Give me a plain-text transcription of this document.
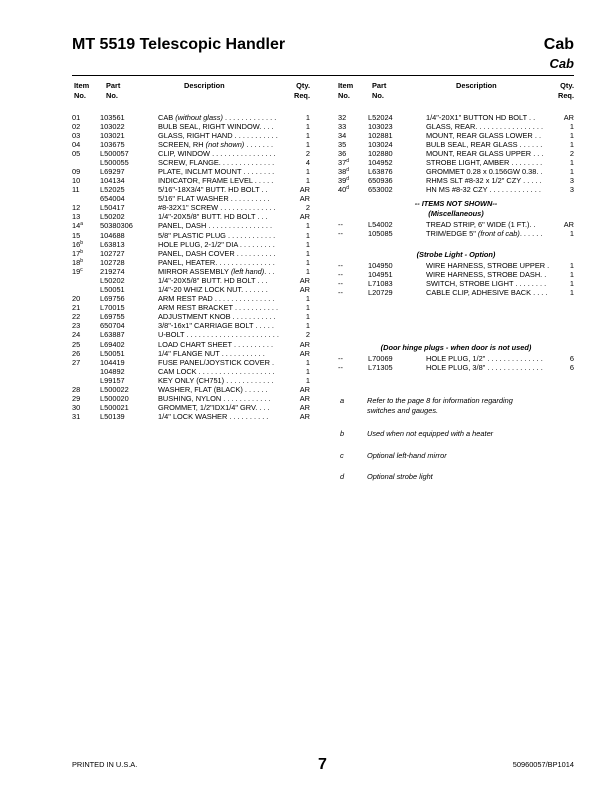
MT 5519 Telescopic Handler	Cab
Cab
Item
No.
Part
No.
Description	Qty.
Req.
Item
No.
Part
No.
Description	Qty.
Req.
01	103561	CAB (without glass) . . . . . . . . . . . . .	1
02	103022	BULB SEAL, RIGHT WINDOW. . . .	1
03	103021	GLASS, RIGHT HAND . . . . . . . . . . .	1
04	103675	SCREEN, RH (not shown) . . . . . . .	1
05	L500057	CLIP, WINDOW . . . . . . . . . . . . . . . .	2
L500055	SCREW, FLANGE. . . . . . . . . . . . . .	4
09	L69297	PLATE, INCLMT MOUNT . . . . . . . .	1
10	104134	INDICATOR, FRAME LEVEL . . . . .	1
11	L52025	5/16"-18X3/4" BUTT. HD BOLT . .	AR
654004	5/16" FLAT WASHER . . . . . . . . . .	AR
12	L50417	#8-32X1" SCREW . . . . . . . . . . . . . .	2
13	L50202	1/4"-20X5/8" BUTT. HD BOLT . . .	AR
14$^a$ 50380306	PANEL, DASH . . . . . . . . . . . . . . . .	1
15	104688	5/8" PLASTIC PLUG . . . . . . . . . . . .	1
16$^b$ L63813	HOLE PLUG, 2-1/2" DIA . . . . . . . . .	1
17$^b$ 102727	PANEL, DASH COVER . . . . . . . . . .	1
18$^b$ 102728	PANEL, HEATER. . . . . . . . . . . . . . .	1
19$^c$ 219274	MIRROR ASSEMBLY (left hand). . .	1
L50202	1/4"-20X5/8" BUTT. HD BOLT . . .	AR
L50051	1/4"-20 WHIZ LOCK NUT. . . . . . .	AR
20	L69756	ARM REST PAD . . . . . . . . . . . . . . .	1
21	L70015	ARM REST BRACKET . . . . . . . . . . .	1
22	L69755	ADJUSTMENT KNOB . . . . . . . . . . .	1
23	650704	3/8"-16x1" CARRIAGE BOLT . . . . .	1
24	L63887	U-BOLT . . . . . . . . . . . . . . . . . . . . . . .	2
25	L69402	LOAD CHART SHEET . . . . . . . . . .	AR
26	L50051	1/4" FLANGE NUT . . . . . . . . . . .	AR
27	104419	FUSE PANEL/JOYSTICK COVER .	1
104892	CAM LOCK . . . . . . . . . . . . . . . . . . .	1
L99157	KEY ONLY (CH751) . . . . . . . . . . . .	1
28	L500022	WASHER, FLAT (BLACK) . . . . . .	AR
29	L500020	BUSHING, NYLON . . . . . . . . . . . .	AR
30	L500021	GROMMET, 1/2"IDX1/4" GRV. . . .	AR
31	L50139	1/4" LOCK WASHER . . . . . . . . . .	AR
32	L52024	1/4"-20X1" BUTTON HD BOLT . .	AR
33	103023	GLASS, REAR. . . . . . . . . . . . . . . . .	1
34	102881	MOUNT, REAR GLASS LOWER . .	1
35	103024	BULB SEAL, REAR GLASS . . . . . .	1
36	102880	MOUNT, REAR GLASS UPPER . . .	2
37$^d$	104952	STROBE LIGHT, AMBER . . . . . . . .	1
38$^d$	L63876	GROMMET 0.28 x 0.156GW 0.38. .	1
39$^d$	650936	RHMS SLT #8-32 x 1/2" CZY . . . . .	3
40$^d$	653002	HN MS #8-32 CZY . . . . . . . . . . . . .	3
-- ITEMS NOT SHOWN--
(Miscellaneous)
--	L54002	TREAD STRIP, 6" WIDE (1 FT.). .	AR
--	105085	TRIM/EDGE 5" (front of cab). . . . . .	1
(Strobe Light - Option)
--	104950	WIRE HARNESS, STROBE UPPER .	1
--	104951	WIRE HARNESS, STROBE DASH. .	1
--	L71083	SWITCH, STROBE LIGHT . . . . . . . .	1
--	L20729	CABLE CLIP, ADHESIVE BACK . . . .	1
(Door hinge plugs - when door is not used)
--	L70069	HOLE PLUG, 1/2" . . . . . . . . . . . . . .	6
--	L71305	HOLE PLUG, 3/8" . . . . . . . . . . . . . .	6
a	Refer to the page 8 for information regarding
switches and gauges.
b	Used when not equipped with a heater
c	Optional left-hand mirror
d	Optional strobe light
PRINTED IN U.S.A.	7	50960057/BP1014
